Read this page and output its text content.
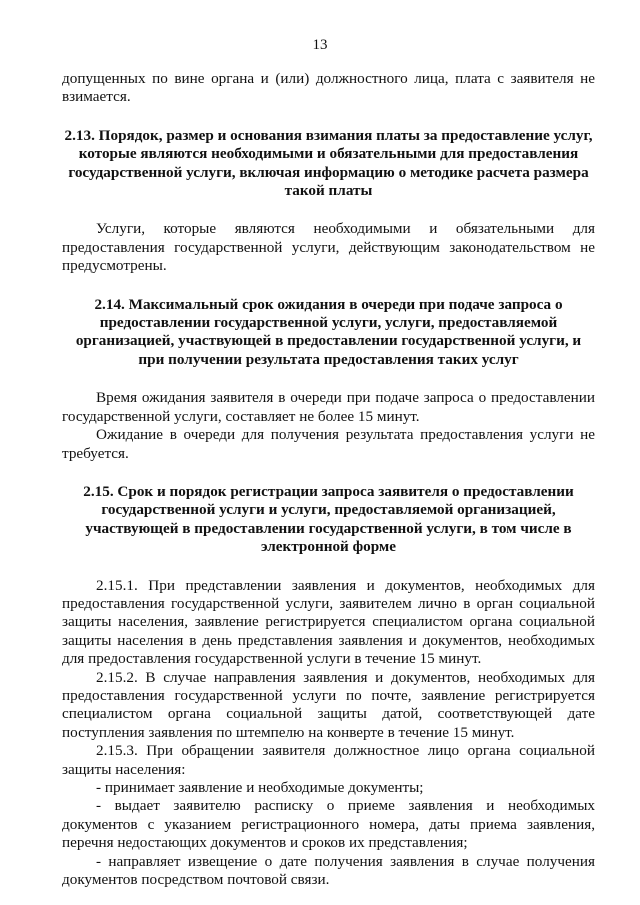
13

допущенных по вине органа и (или) должностного лица, плата с заявителя не взимается.

2.13. Порядок, размер и основания взимания платы за предоставление услуг, которые являются необходимыми и обязательными для предоставления государственной услуги, включая информацию о методике расчета размера такой платы

Услуги, которые являются необходимыми и обязательными для предоставления государственной услуги, действующим законодательством не предусмотрены.

2.14. Максимальный срок ожидания в очереди при подаче запроса о предоставлении государственной услуги, услуги, предоставляемой организацией, участвующей в предоставлении государственной услуги, и при получении результата предоставления таких услуг

Время ожидания заявителя в очереди при подаче запроса о предоставлении государственной услуги, составляет не более 15 минут.

Ожидание в очереди для получения результата предоставления услуги не требуется.

2.15. Срок и порядок регистрации запроса заявителя о предоставлении государственной услуги и услуги, предоставляемой организацией, участвующей в предоставлении государственной услуги, в том числе в электронной форме

2.15.1. При представлении заявления и документов, необходимых для предоставления государственной услуги, заявителем лично в орган социальной защиты населения, заявление регистрируется специалистом органа социальной защиты населения в день представления заявления и документов, необходимых для предоставления государственной услуги в течение 15 минут.

2.15.2. В случае направления заявления и документов, необходимых для предоставления государственной услуги по почте, заявление регистрируется специалистом органа социальной защиты датой, соответствующей дате поступления заявления по штемпелю на конверте в течение 15 минут.

2.15.3. При обращении заявителя должностное лицо органа социальной защиты населения:

- принимает заявление и необходимые документы;

- выдает заявителю расписку о приеме заявления и необходимых документов с указанием регистрационного номера, даты приема заявления, перечня недостающих документов и сроков их представления;

- направляет извещение о дате получения заявления в случае получения документов посредством почтовой связи.
